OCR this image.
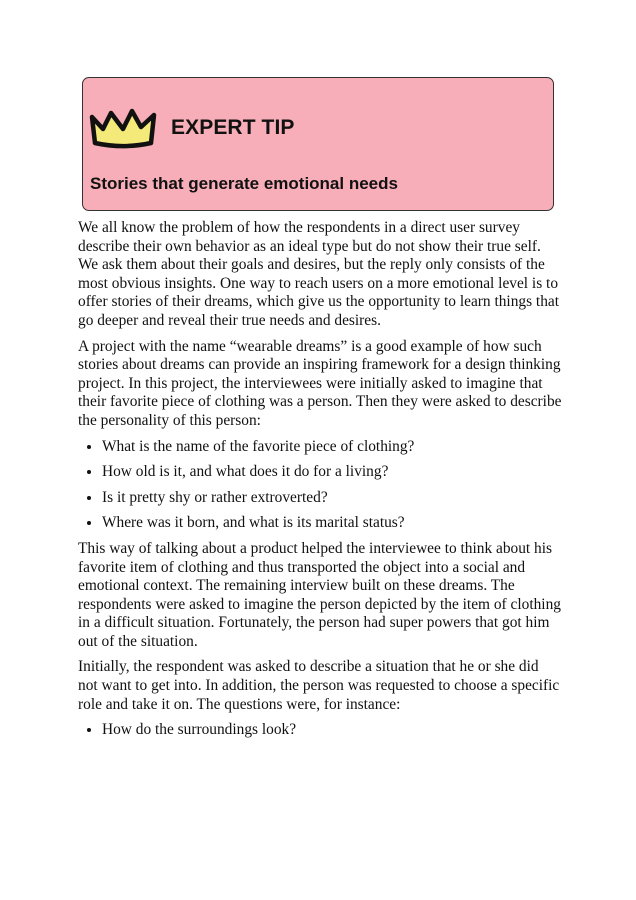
EXPERT TIP
Stories that generate emotional needs

We all know the problem of how the respondents in a direct user survey describe their own behavior as an ideal type but do not show their true self. We ask them about their goals and desires, but the reply only consists of the most obvious insights. One way to reach users on a more emotional level is to offer stories of their dreams, which give us the opportunity to learn things that go deeper and reveal their true needs and desires.

A project with the name “wearable dreams” is a good example of how such stories about dreams can provide an inspiring framework for a design thinking project. In this project, the interviewees were initially asked to imagine that their favorite piece of clothing was a person. Then they were asked to describe the personality of this person:

• What is the name of the favorite piece of clothing?
• How old is it, and what does it do for a living?
• Is it pretty shy or rather extroverted?
• Where was it born, and what is its marital status?

This way of talking about a product helped the interviewee to think about his favorite item of clothing and thus transported the object into a social and emotional context. The remaining interview built on these dreams. The respondents were asked to imagine the person depicted by the item of clothing in a difficult situation. Fortunately, the person had super powers that got him out of the situation.

Initially, the respondent was asked to describe a situation that he or she did not want to get into. In addition, the person was requested to choose a specific role and take it on. The questions were, for instance:

• How do the surroundings look?
